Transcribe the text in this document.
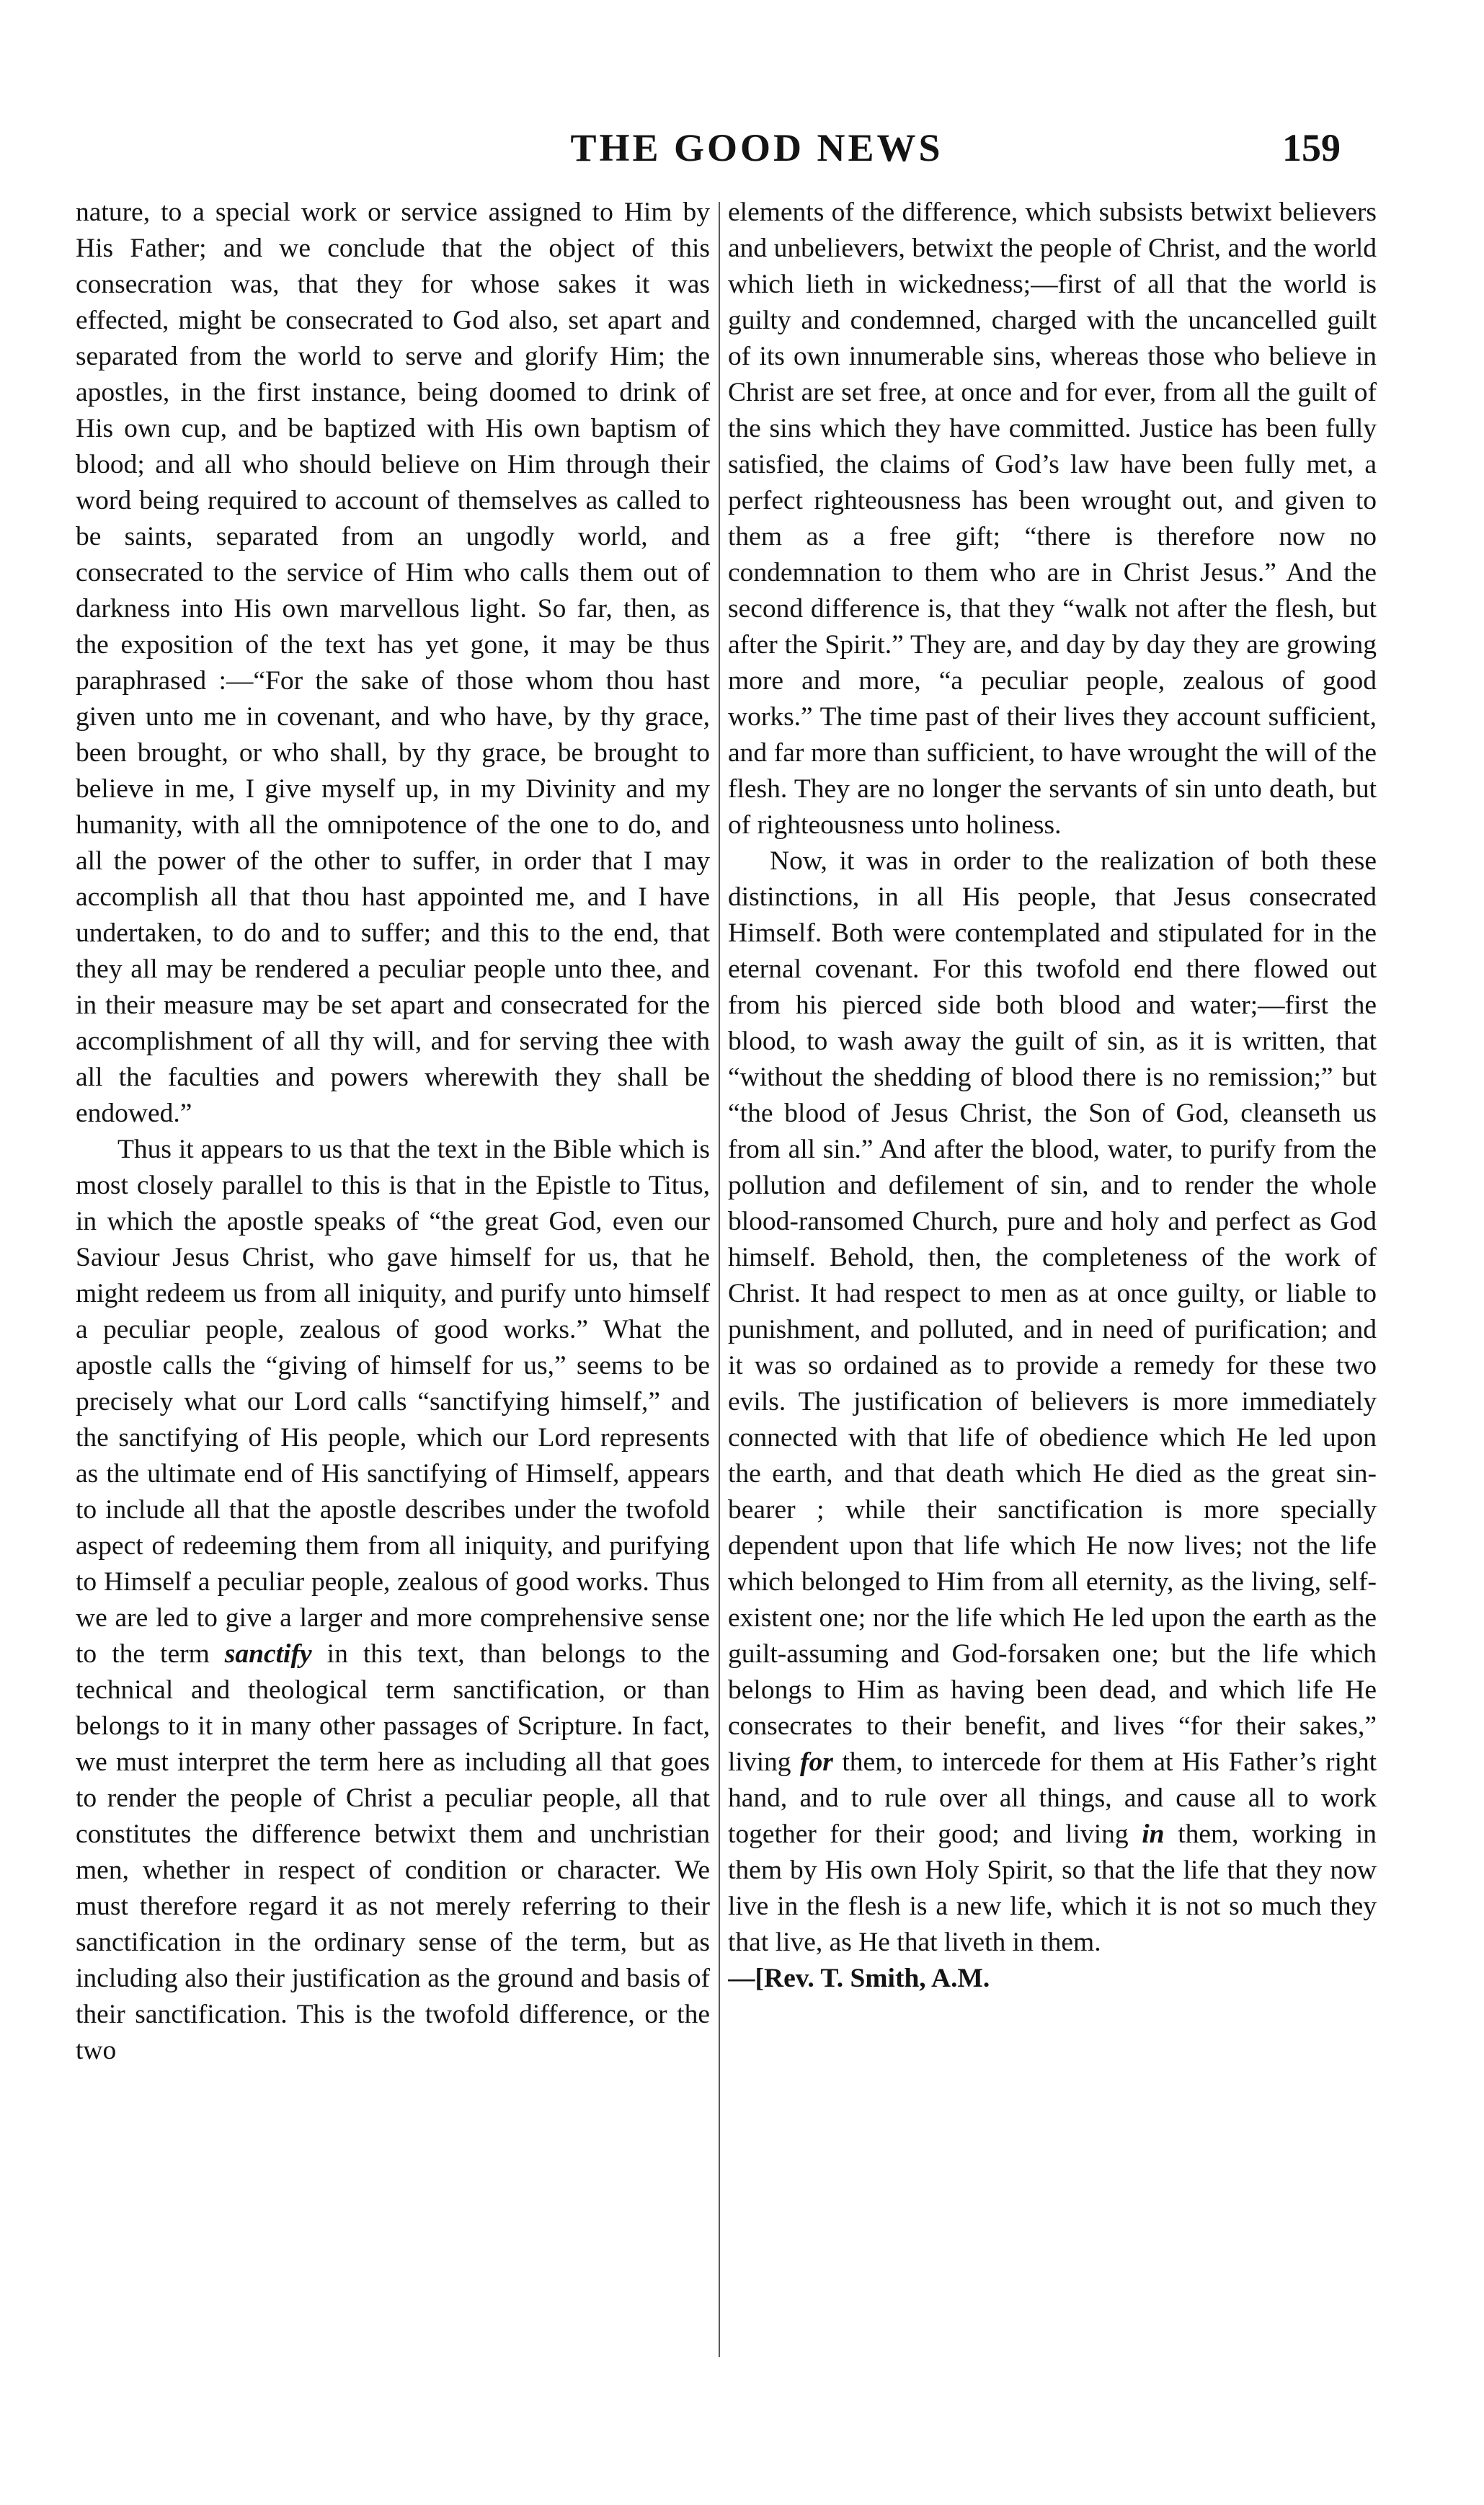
THE GOOD NEWS	159

nature, to a special work or service assigned to Him by His Father; and we conclude that the object of this consecration was, that they for whose sakes it was effected, might be consecrated to God also, set apart and separated from the world to serve and glorify Him; the apostles, in the first instance, being doomed to drink of His own cup, and be baptized with His own baptism of blood; and all who should believe on Him through their word being required to account of themselves as called to be saints, separated from an ungodly world, and consecrated to the service of Him who calls them out of darkness into His own marvellous light. So far, then, as the exposition of the text has yet gone, it may be thus paraphrased :—“For the sake of those whom thou hast given unto me in covenant, and who have, by thy grace, been brought, or who shall, by thy grace, be brought to believe in me, I give myself up, in my Divinity and my humanity, with all the omnipotence of the one to do, and all the power of the other to suffer, in order that I may accomplish all that thou hast appointed me, and I have undertaken, to do and to suffer; and this to the end, that they all may be rendered a peculiar people unto thee, and in their measure may be set apart and consecrated for the accomplishment of all thy will, and for serving thee with all the faculties and powers wherewith they shall be endowed.”

Thus it appears to us that the text in the Bible which is most closely parallel to this is that in the Epistle to Titus, in which the apostle speaks of “the great God, even our Saviour Jesus Christ, who gave himself for us, that he might redeem us from all iniquity, and purify unto himself a peculiar people, zealous of good works.” What the apostle calls the “giving of himself for us,” seems to be precisely what our Lord calls “sanctifying himself,” and the sanctifying of His people, which our Lord represents as the ultimate end of His sanctifying of Himself, appears to include all that the apostle describes under the twofold aspect of redeeming them from all iniquity, and purifying to Himself a peculiar people, zealous of good works. Thus we are led to give a larger and more comprehensive sense to the term sanctify in this text, than belongs to the technical and theological term sanctification, or than belongs to it in many other passages of Scripture. In fact, we must interpret the term here as including all that goes to render the people of Christ a peculiar people, all that constitutes the difference betwixt them and unchristian men, whether in respect of condition or character. We must therefore regard it as not merely referring to their sanctification in the ordinary sense of the term, but as including also their justification as the ground and basis of their sanctification. This is the twofold difference, or the two

elements of the difference, which subsists betwixt believers and unbelievers, betwixt the people of Christ, and the world which lieth in wickedness;—first of all that the world is guilty and condemned, charged with the uncancelled guilt of its own innumerable sins, whereas those who believe in Christ are set free, at once and for ever, from all the guilt of the sins which they have committed. Justice has been fully satisfied, the claims of God’s law have been fully met, a perfect righteousness has been wrought out, and given to them as a free gift; “there is therefore now no condemnation to them who are in Christ Jesus.” And the second difference is, that they “walk not after the flesh, but after the Spirit.” They are, and day by day they are growing more and more, “a peculiar people, zealous of good works.” The time past of their lives they account sufficient, and far more than sufficient, to have wrought the will of the flesh. They are no longer the servants of sin unto death, but of righteousness unto holiness.

Now, it was in order to the realization of both these distinctions, in all His people, that Jesus consecrated Himself. Both were contemplated and stipulated for in the eternal covenant. For this twofold end there flowed out from his pierced side both blood and water;—first the blood, to wash away the guilt of sin, as it is written, that “without the shedding of blood there is no remission;” but “the blood of Jesus Christ, the Son of God, cleanseth us from all sin.” And after the blood, water, to purify from the pollution and defilement of sin, and to render the whole blood-ransomed Church, pure and holy and perfect as God himself. Behold, then, the completeness of the work of Christ. It had respect to men as at once guilty, or liable to punishment, and polluted, and in need of purification; and it was so ordained as to provide a remedy for these two evils. The justification of believers is more immediately connected with that life of obedience which He led upon the earth, and that death which He died as the great sin-bearer ; while their sanctification is more specially dependent upon that life which He now lives; not the life which belonged to Him from all eternity, as the living, self-existent one; nor the life which He led upon the earth as the guilt-assuming and God-forsaken one; but the life which belongs to Him as having been dead, and which life He consecrates to their benefit, and lives “for their sakes,” living for them, to intercede for them at His Father’s right hand, and to rule over all things, and cause all to work together for their good; and living in them, working in them by His own Holy Spirit, so that the life that they now live in the flesh is a new life, which it is not so much they that live, as He that liveth in them.

—[Rev. T. Smith, A.M.
